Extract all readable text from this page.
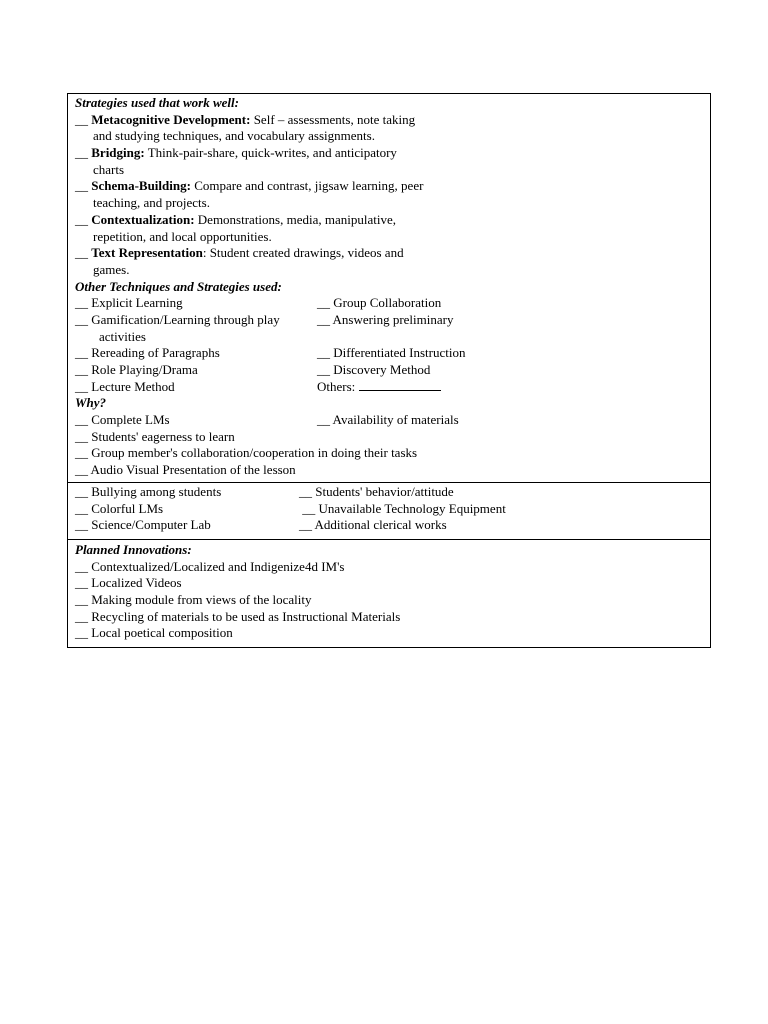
Strategies used that work well:
__ Metacognitive Development: Self – assessments, note taking
and studying techniques, and vocabulary assignments.
__ Bridging: Think-pair-share, quick-writes, and anticipatory
charts
__ Schema-Building: Compare and contrast, jigsaw learning, peer
teaching, and projects.
__ Contextualization: Demonstrations, media, manipulative,
repetition, and local opportunities.
__ Text Representation: Student created drawings, videos and
games.
Other Techniques and Strategies used:
__ Explicit Learning	__ Group Collaboration
__ Gamification/Learning through play	__ Answering preliminary
activities
__ Rereading of Paragraphs	__ Differentiated Instruction
__ Role Playing/Drama	__ Discovery Method
__ Lecture Method	Others:
Why?
__ Complete LMs	__ Availability of materials
__ Students' eagerness to learn
__ Group member's collaboration/cooperation in doing their tasks
__ Audio Visual Presentation of the lesson
__ Bullying among students	__ Students' behavior/attitude
__ Colorful LMs	__ Unavailable Technology Equipment
__ Science/Computer Lab	__ Additional clerical works
Planned Innovations:
__ Contextualized/Localized and Indigenize4d IM's
__ Localized Videos
__ Making module from views of the locality
__ Recycling of materials to be used as Instructional Materials
__ Local poetical composition
